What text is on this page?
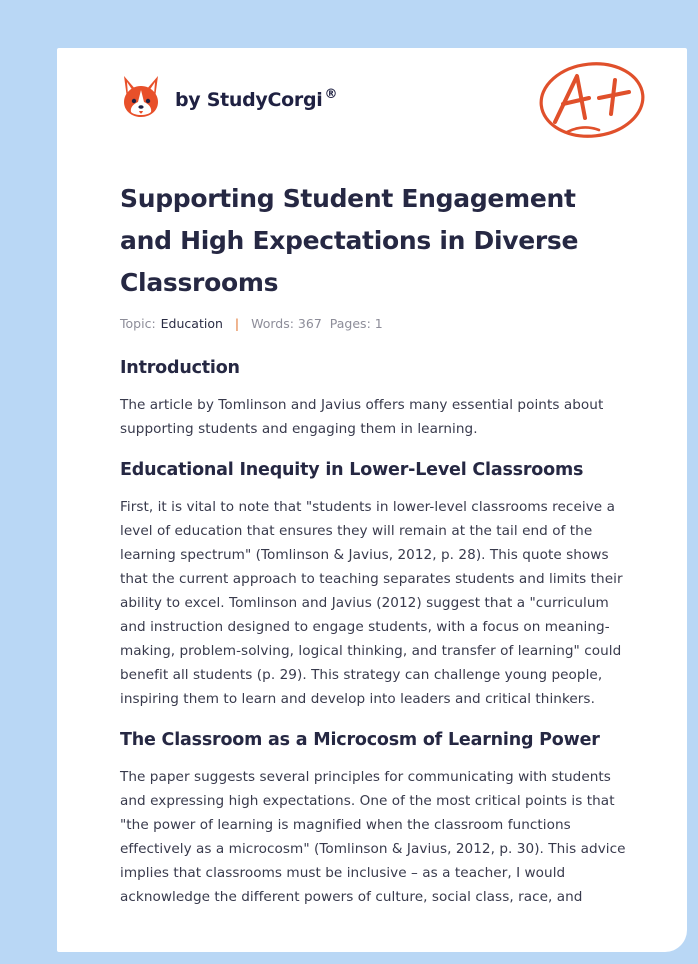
by StudyCorgi ®
Supporting Student Engagement and High Expectations in Diverse Classrooms
Topic: Education | Words: 367 Pages: 1
Introduction

The article by Tomlinson and Javius offers many essential points about supporting students and engaging them in learning.

Educational Inequity in Lower-Level Classrooms

First, it is vital to note that "students in lower-level classrooms receive a level of education that ensures they will remain at the tail end of the learning spectrum" (Tomlinson & Javius, 2012, p. 28). This quote shows that the current approach to teaching separates students and limits their ability to excel. Tomlinson and Javius (2012) suggest that a "curriculum and instruction designed to engage students, with a focus on meaning-making, problem-solving, logical thinking, and transfer of learning" could benefit all students (p. 29). This strategy can challenge young people, inspiring them to learn and develop into leaders and critical thinkers.

The Classroom as a Microcosm of Learning Power

The paper suggests several principles for communicating with students and expressing high expectations. One of the most critical points is that "the power of learning is magnified when the classroom functions effectively as a microcosm" (Tomlinson & Javius, 2012, p. 30). This advice implies that classrooms must be inclusive – as a teacher, I would acknowledge the different powers of culture, social class, race, and
